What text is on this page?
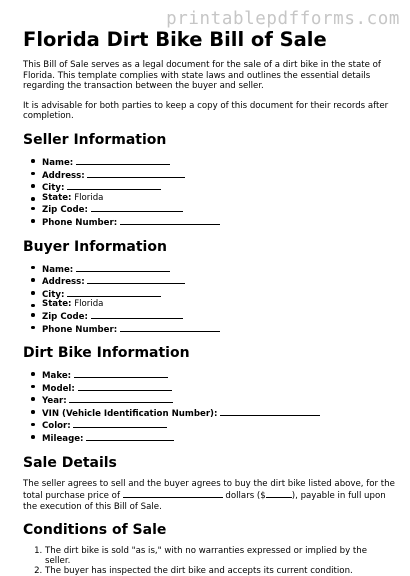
printablepdfforms.com
Florida Dirt Bike Bill of Sale

This Bill of Sale serves as a legal document for the sale of a dirt bike in the state of Florida. This template complies with state laws and outlines the essential details regarding the transaction between the buyer and seller.

It is advisable for both parties to keep a copy of this document for their records after completion.

Seller Information
Name:
Address:
City:
State: Florida
Zip Code:
Phone Number:
Buyer Information
Name:
Address:
City:
State: Florida
Zip Code:
Phone Number:
Dirt Bike Information
Make:
Model:
Year:
VIN (Vehicle Identification Number):
Color:
Mileage:
Sale Details

The seller agrees to sell and the buyer agrees to buy the dirt bike listed above, for the total purchase price of	dollars ($	), payable in full upon the execution of this Bill of Sale.

Conditions of Sale
1. The dirt bike is sold "as is," with no warranties expressed or implied by the seller.
2. The buyer has inspected the dirt bike and accepts its current condition.
